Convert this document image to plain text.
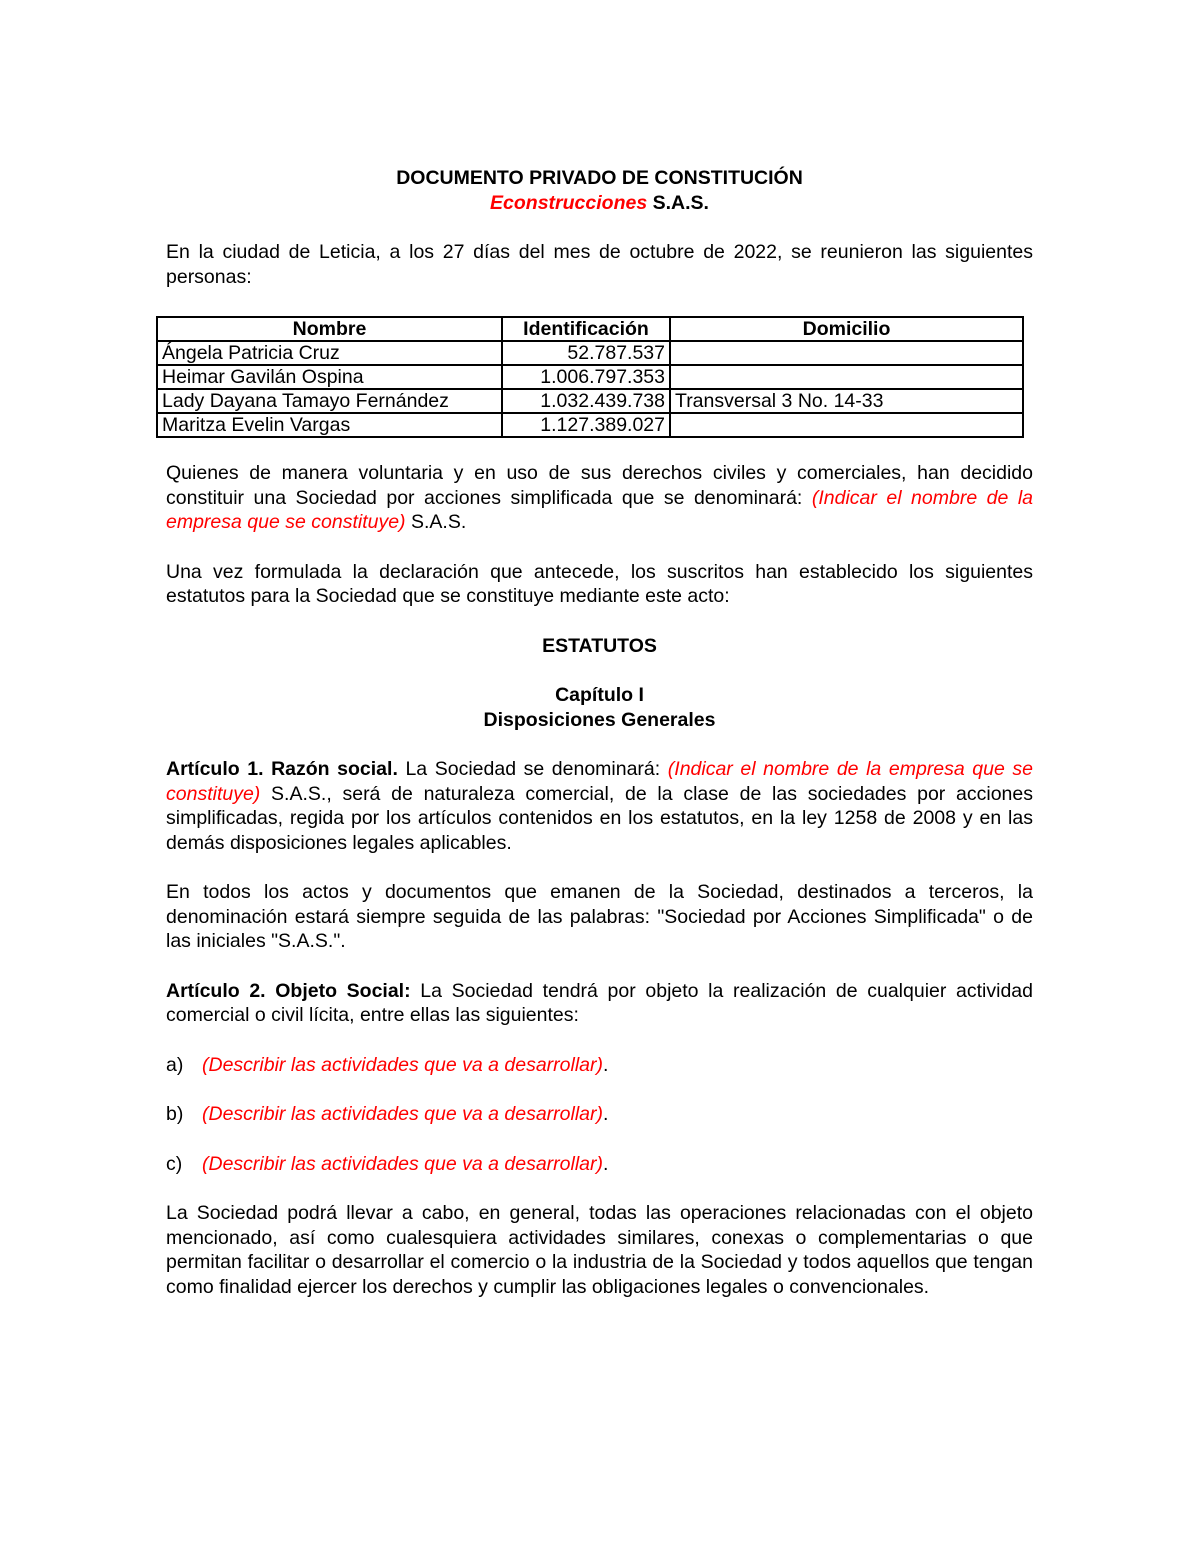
DOCUMENTO PRIVADO DE CONSTITUCIÓN

Econstrucciones S.A.S.

En la ciudad de Leticia, a los 27 días del mes de octubre de 2022, se reunieron las siguientes personas:

Nombre	Identificación	Domicilio
Ángela Patricia Cruz	52.787.537	
Heimar Gavilán Ospina	1.006.797.353	
Lady Dayana Tamayo Fernández	1.032.439.738	Transversal 3 No. 14-33
Maritza Evelin Vargas	1.127.389.027	

Quienes de manera voluntaria y en uso de sus derechos civiles y comerciales, han decidido constituir una Sociedad por acciones simplificada que se denominará: (Indicar el nombre de la empresa que se constituye) S.A.S.

Una vez formulada la declaración que antecede, los suscritos han establecido los siguientes estatutos para la Sociedad que se constituye mediante este acto:

ESTATUTOS

Capítulo I

Disposiciones Generales

Artículo 1. Razón social. La Sociedad se denominará: (Indicar el nombre de la empresa que se constituye) S.A.S., será de naturaleza comercial, de la clase de las sociedades por acciones simplificadas, regida por los artículos contenidos en los estatutos, en la ley 1258 de 2008 y en las demás disposiciones legales aplicables.

En todos los actos y documentos que emanen de la Sociedad, destinados a terceros, la denominación estará siempre seguida de las palabras: "Sociedad por Acciones Simplificada" o de las iniciales "S.A.S.".

Artículo 2. Objeto Social: La Sociedad tendrá por objeto la realización de cualquier actividad comercial o civil lícita, entre ellas las siguientes:

a) (Describir las actividades que va a desarrollar).
b) (Describir las actividades que va a desarrollar).
c)	(Describir las actividades que va a desarrollar).

La Sociedad podrá llevar a cabo, en general, todas las operaciones relacionadas con el objeto mencionado, así como cualesquiera actividades similares, conexas o complementarias o que permitan facilitar o desarrollar el comercio o la industria de la Sociedad y todos aquellos que tengan como finalidad ejercer los derechos y cumplir las obligaciones legales o convencionales.
